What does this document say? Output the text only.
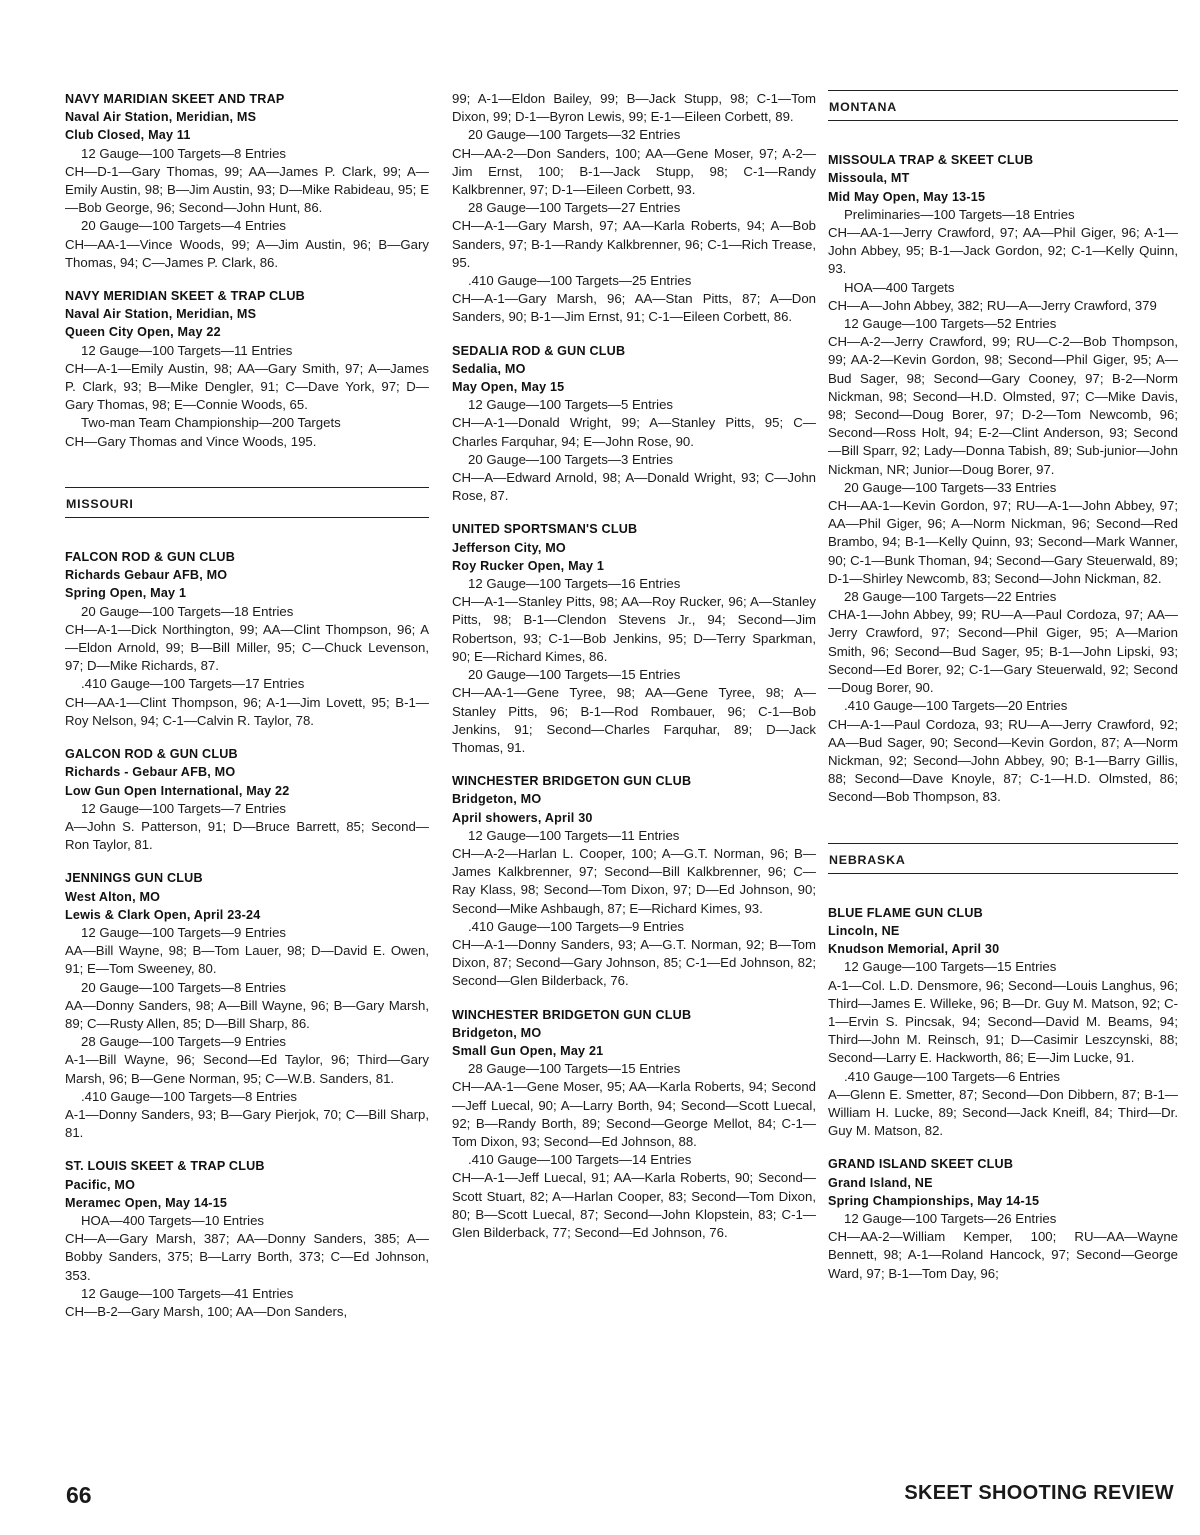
NAVY MARIDIAN SKEET AND TRAP
Naval Air Station, Meridian, MS
Club Closed, May 11
12 Gauge—100 Targets—8 Entries
CH—D-1—Gary Thomas, 99; AA—James P. Clark, 99; A—Emily Austin, 98; B—Jim Austin, 93; D—Mike Rabideau, 95; E—Bob George, 96; Second—John Hunt, 86.
20 Gauge—100 Targets—4 Entries
CH—AA-1—Vince Woods, 99; A—Jim Austin, 96; B—Gary Thomas, 94; C—James P. Clark, 86.
NAVY MERIDIAN SKEET & TRAP CLUB
Naval Air Station, Meridian, MS
Queen City Open, May 22
12 Gauge—100 Targets—11 Entries
CH—A-1—Emily Austin, 98; AA—Gary Smith, 97; A—James P. Clark, 93; B—Mike Dengler, 91; C—Dave York, 97; D—Gary Thomas, 98; E—Connie Woods, 65.
Two-man Team Championship—200 Targets
CH—Gary Thomas and Vince Woods, 195.
MISSOURI
FALCON ROD & GUN CLUB
Richards Gebaur AFB, MO
Spring Open, May 1
20 Gauge—100 Targets—18 Entries
CH—A-1—Dick Northington, 99; AA—Clint Thompson, 96; A—Eldon Arnold, 99; B—Bill Miller, 95; C—Chuck Levenson, 97; D—Mike Richards, 87.
.410 Gauge—100 Targets—17 Entries
CH—AA-1—Clint Thompson, 96; A-1—Jim Lovett, 95; B-1—Roy Nelson, 94; C-1—Calvin R. Taylor, 78.
GALCON ROD & GUN CLUB
Richards - Gebaur AFB, MO
Low Gun Open International, May 22
12 Gauge—100 Targets—7 Entries
A—John S. Patterson, 91; D—Bruce Barrett, 85; Second—Ron Taylor, 81.
JENNINGS GUN CLUB
West Alton, MO
Lewis & Clark Open, April 23-24
12 Gauge—100 Targets—9 Entries
AA—Bill Wayne, 98; B—Tom Lauer, 98; D—David E. Owen, 91; E—Tom Sweeney, 80.
20 Gauge—100 Targets—8 Entries
AA—Donny Sanders, 98; A—Bill Wayne, 96; B—Gary Marsh, 89; C—Rusty Allen, 85; D—Bill Sharp, 86.
28 Gauge—100 Targets—9 Entries
A-1—Bill Wayne, 96; Second—Ed Taylor, 96; Third—Gary Marsh, 96; B—Gene Norman, 95; C—W.B. Sanders, 81.
.410 Gauge—100 Targets—8 Entries
A-1—Donny Sanders, 93; B—Gary Pierjok, 70; C—Bill Sharp, 81.
ST. LOUIS SKEET & TRAP CLUB
Pacific, MO
Meramec Open, May 14-15
HOA—400 Targets—10 Entries
CH—A—Gary Marsh, 387; AA—Donny Sanders, 385; A—Bobby Sanders, 375; B—Larry Borth, 373; C—Ed Johnson, 353.
12 Gauge—100 Targets—41 Entries
CH—B-2—Gary Marsh, 100; AA—Don Sanders,
99; A-1—Eldon Bailey, 99; B—Jack Stupp, 98; C-1—Tom Dixon, 99; D-1—Byron Lewis, 99; E-1—Eileen Corbett, 89.
20 Gauge—100 Targets—32 Entries
CH—AA-2—Don Sanders, 100; AA—Gene Moser, 97; A-2—Jim Ernst, 100; B-1—Jack Stupp, 98; C-1—Randy Kalkbrenner, 97; D-1—Eileen Corbett, 93.
28 Gauge—100 Targets—27 Entries
CH—A-1—Gary Marsh, 97; AA—Karla Roberts, 94; A—Bob Sanders, 97; B-1—Randy Kalkbrenner, 96; C-1—Rich Trease, 95.
.410 Gauge—100 Targets—25 Entries
CH—A-1—Gary Marsh, 96; AA—Stan Pitts, 87; A—Don Sanders, 90; B-1—Jim Ernst, 91; C-1—Eileen Corbett, 86.
SEDALIA ROD & GUN CLUB
Sedalia, MO
May Open, May 15
12 Gauge—100 Targets—5 Entries
CH—A-1—Donald Wright, 99; A—Stanley Pitts, 95; C—Charles Farquhar, 94; E—John Rose, 90.
20 Gauge—100 Targets—3 Entries
CH—A—Edward Arnold, 98; A—Donald Wright, 93; C—John Rose, 87.
UNITED SPORTSMAN'S CLUB
Jefferson City, MO
Roy Rucker Open, May 1
12 Gauge—100 Targets—16 Entries
CH—A-1—Stanley Pitts, 98; AA—Roy Rucker, 96; A—Stanley Pitts, 98; B-1—Clendon Stevens Jr., 94; Second—Jim Robertson, 93; C-1—Bob Jenkins, 95; D—Terry Sparkman, 90; E—Richard Kimes, 86.
20 Gauge—100 Targets—15 Entries
CH—AA-1—Gene Tyree, 98; AA—Gene Tyree, 98; A—Stanley Pitts, 96; B-1—Rod Rombauer, 96; C-1—Bob Jenkins, 91; Second—Charles Farquhar, 89; D—Jack Thomas, 91.
WINCHESTER BRIDGETON GUN CLUB
Bridgeton, MO
April showers, April 30
12 Gauge—100 Targets—11 Entries
CH—A-2—Harlan L. Cooper, 100; A—G.T. Norman, 96; B—James Kalkbrenner, 97; Second—Bill Kalkbrenner, 96; C—Ray Klass, 98; Second—Tom Dixon, 97; D—Ed Johnson, 90; Second—Mike Ashbaugh, 87; E—Richard Kimes, 93.
.410 Gauge—100 Targets—9 Entries
CH—A-1—Donny Sanders, 93; A—G.T. Norman, 92; B—Tom Dixon, 87; Second—Gary Johnson, 85; C-1—Ed Johnson, 82; Second—Glen Bilderback, 76.
WINCHESTER BRIDGETON GUN CLUB
Bridgeton, MO
Small Gun Open, May 21
28 Gauge—100 Targets—15 Entries
CH—AA-1—Gene Moser, 95; AA—Karla Roberts, 94; Second—Jeff Luecal, 90; A—Larry Borth, 94; Second—Scott Luecal, 92; B—Randy Borth, 89; Second—George Mellot, 84; C-1—Tom Dixon, 93; Second—Ed Johnson, 88.
.410 Gauge—100 Targets—14 Entries
CH—A-1—Jeff Luecal, 91; AA—Karla Roberts, 90; Second—Scott Stuart, 82; A—Harlan Cooper, 83; Second—Tom Dixon, 80; B—Scott Luecal, 87; Second—John Klopstein, 83; C-1—Glen Bilderback, 77; Second—Ed Johnson, 76.
MONTANA
MISSOULA TRAP & SKEET CLUB
Missoula, MT
Mid May Open, May 13-15
Preliminaries—100 Targets—18 Entries
CH—AA-1—Jerry Crawford, 97; AA—Phil Giger, 96; A-1—John Abbey, 95; B-1—Jack Gordon, 92; C-1—Kelly Quinn, 93.
HOA—400 Targets
CH—A—John Abbey, 382; RU—A—Jerry Crawford, 379
12 Gauge—100 Targets—52 Entries
CH—A-2—Jerry Crawford, 99; RU—C-2—Bob Thompson, 99; AA-2—Kevin Gordon, 98; Second—Phil Giger, 95; A—Bud Sager, 98; Second—Gary Cooney, 97; B-2—Norm Nickman, 98; Second—H.D. Olmsted, 97; C—Mike Davis, 98; Second—Doug Borer, 97; D-2—Tom Newcomb, 96; Second—Ross Holt, 94; E-2—Clint Anderson, 93; Second—Bill Sparr, 92; Lady—Donna Tabish, 89; Sub-junior—John Nickman, NR; Junior—Doug Borer, 97.
20 Gauge—100 Targets—33 Entries
CH—AA-1—Kevin Gordon, 97; RU—A-1—John Abbey, 97; AA—Phil Giger, 96; A—Norm Nickman, 96; Second—Red Brambo, 94; B-1—Kelly Quinn, 93; Second—Mark Wanner, 90; C-1—Bunk Thoman, 94; Second—Gary Steuerwald, 89; D-1—Shirley Newcomb, 83; Second—John Nickman, 82.
28 Gauge—100 Targets—22 Entries
CHA-1—John Abbey, 99; RU—A—Paul Cordoza, 97; AA—Jerry Crawford, 97; Second—Phil Giger, 95; A—Marion Smith, 96; Second—Bud Sager, 95; B-1—John Lipski, 93; Second—Ed Borer, 92; C-1—Gary Steuerwald, 92; Second—Doug Borer, 90.
.410 Gauge—100 Targets—20 Entries
CH—A-1—Paul Cordoza, 93; RU—A—Jerry Crawford, 92; AA—Bud Sager, 90; Second—Kevin Gordon, 87; A—Norm Nickman, 92; Second—John Abbey, 90; B-1—Barry Gillis, 88; Second—Dave Knoyle, 87; C-1—H.D. Olmsted, 86; Second—Bob Thompson, 83.
NEBRASKA
BLUE FLAME GUN CLUB
Lincoln, NE
Knudson Memorial, April 30
12 Gauge—100 Targets—15 Entries
A-1—Col. L.D. Densmore, 96; Second—Louis Langhus, 96; Third—James E. Willeke, 96; B—Dr. Guy M. Matson, 92; C-1—Ervin S. Pincsak, 94; Second—David M. Beams, 94; Third—John M. Reinsch, 91; D—Casimir Leszcynski, 88; Second—Larry E. Hackworth, 86; E—Jim Lucke, 91.
.410 Gauge—100 Targets—6 Entries
A—Glenn E. Smetter, 87; Second—Don Dibbern, 87; B-1—William H. Lucke, 89; Second—Jack Kneifl, 84; Third—Dr. Guy M. Matson, 82.
GRAND ISLAND SKEET CLUB
Grand Island, NE
Spring Championships, May 14-15
12 Gauge—100 Targets—26 Entries
CH—AA-2—William Kemper, 100; RU—AA—Wayne Bennett, 98; A-1—Roland Hancock, 97; Second—George Ward, 97; B-1—Tom Day, 96;
66	SKEET SHOOTING REVIEW
